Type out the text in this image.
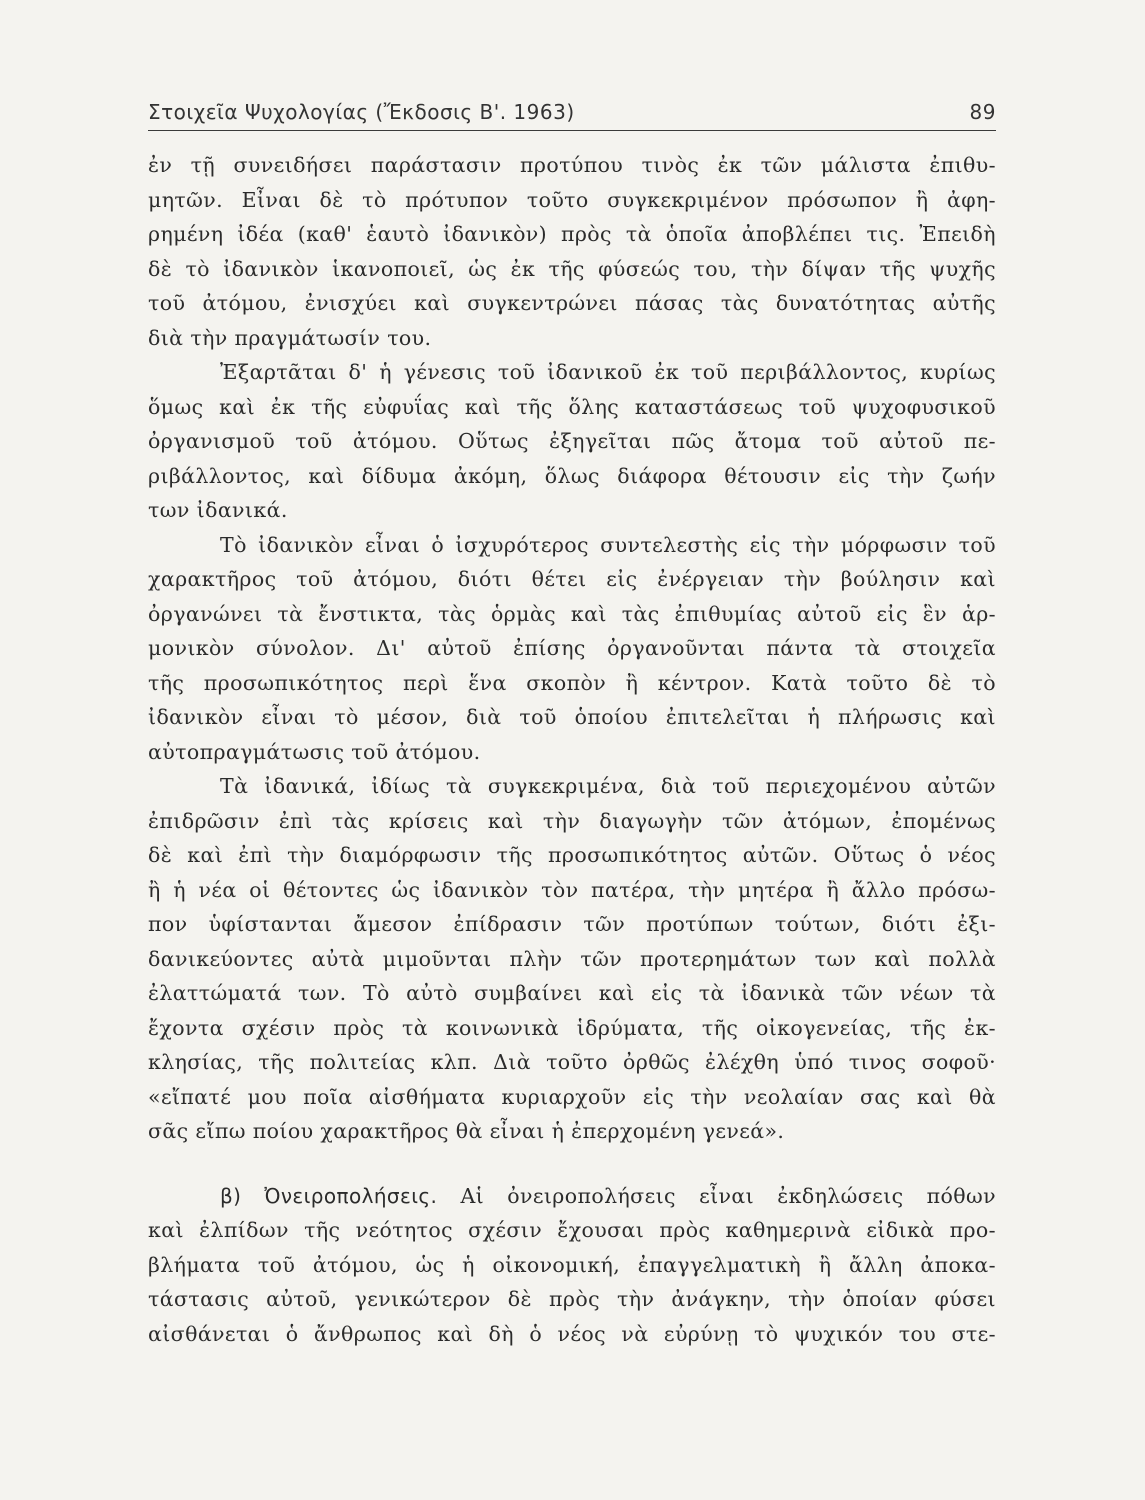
Στοιχεῖα Ψυχολογίας (Ἔκδοσις Β'. 1963)	89

ἐν τῇ συνειδήσει παράστασιν προτύπου τινὸς ἐκ τῶν μάλιστα ἐπιθυ-
μητῶν. Εἶναι δὲ τὸ πρότυπον τοῦτο συγκεκριμένον πρόσωπον ἢ ἀφη-
ρημένη ἰδέα (καθ' ἑαυτὸ ἰδανικὸν) πρὸς τὰ ὁποῖα ἀποβλέπει τις. Ἐπειδὴ
δὲ τὸ ἰδανικὸν ἱκανοποιεῖ, ὡς ἐκ τῆς φύσεώς του, τὴν δίψαν τῆς ψυχῆς
τοῦ ἀτόμου, ἐνισχύει καὶ συγκεντρώνει πάσας τὰς δυνατότητας αὐτῆς
διὰ τὴν πραγμάτωσίν του.

Ἐξαρτᾶται δ' ἡ γένεσις τοῦ ἰδανικοῦ ἐκ τοῦ περιβάλλοντος, κυρίως
ὅμως καὶ ἐκ τῆς εὐφυΐας καὶ τῆς ὅλης καταστάσεως τοῦ ψυχοφυσικοῦ
ὀργανισμοῦ τοῦ ἀτόμου. Οὕτως ἐξηγεῖται πῶς ἄτομα τοῦ αὐτοῦ πε-
ριβάλλοντος, καὶ δίδυμα ἀκόμη, ὅλως διάφορα θέτουσιν εἰς τὴν ζωήν
των ἰδανικά.

Τὸ ἰδανικὸν εἶναι ὁ ἰσχυρότερος συντελεστὴς εἰς τὴν μόρφωσιν τοῦ
χαρακτῆρος τοῦ ἀτόμου, διότι θέτει εἰς ἐνέργειαν τὴν βούλησιν καὶ
ὀργανώνει τὰ ἔνστικτα, τὰς ὁρμὰς καὶ τὰς ἐπιθυμίας αὐτοῦ εἰς ἓν ἁρ-
μονικὸν σύνολον. Δι' αὐτοῦ ἐπίσης ὀργανοῦνται πάντα τὰ στοιχεῖα
τῆς προσωπικότητος περὶ ἕνα σκοπὸν ἢ κέντρον. Κατὰ τοῦτο δὲ τὸ
ἰδανικὸν εἶναι τὸ μέσον, διὰ τοῦ ὁποίου ἐπιτελεῖται ἡ πλήρωσις καὶ
αὐτοπραγμάτωσις τοῦ ἀτόμου.

Τὰ ἰδανικά, ἰδίως τὰ συγκεκριμένα, διὰ τοῦ περιεχομένου αὐτῶν
ἐπιδρῶσιν ἐπὶ τὰς κρίσεις καὶ τὴν διαγωγὴν τῶν ἀτόμων, ἐπομένως
δὲ καὶ ἐπὶ τὴν διαμόρφωσιν τῆς προσωπικότητος αὐτῶν. Οὕτως ὁ νέος
ἢ ἡ νέα οἱ θέτοντες ὡς ἰδανικὸν τὸν πατέρα, τὴν μητέρα ἢ ἄλλο πρόσω-
πον ὑφίστανται ἄμεσον ἐπίδρασιν τῶν προτύπων τούτων, διότι ἐξι-
δανικεύοντες αὐτὰ μιμοῦνται πλὴν τῶν προτερημάτων των καὶ πολλὰ
ἐλαττώματά των. Τὸ αὐτὸ συμβαίνει καὶ εἰς τὰ ἰδανικὰ τῶν νέων τὰ
ἔχοντα σχέσιν πρὸς τὰ κοινωνικὰ ἱδρύματα, τῆς οἰκογενείας, τῆς ἐκ-
κλησίας, τῆς πολιτείας κλπ. Διὰ τοῦτο ὀρθῶς ἐλέχθη ὑπό τινος σοφοῦ·
«εἴπατέ μου ποῖα αἰσθήματα κυριαρχοῦν εἰς τὴν νεολαίαν σας καὶ θὰ
σᾶς εἴπω ποίου χαρακτῆρος θὰ εἶναι ἡ ἐπερχομένη γενεά».

β) Ὀνειροπολήσεις. Αἱ ὀνειροπολήσεις εἶναι ἐκδηλώσεις πόθων
καὶ ἐλπίδων τῆς νεότητος σχέσιν ἔχουσαι πρὸς καθημερινὰ εἰδικὰ προ-
βλήματα τοῦ ἀτόμου, ὡς ἡ οἰκονομική, ἐπαγγελματικὴ ἢ ἄλλη ἀποκα-
τάστασις αὐτοῦ, γενικώτερον δὲ πρὸς τὴν ἀνάγκην, τὴν ὁποίαν φύσει
αἰσθάνεται ὁ ἄνθρωπος καὶ δὴ ὁ νέος νὰ εὐρύνῃ τὸ ψυχικόν του στε-
